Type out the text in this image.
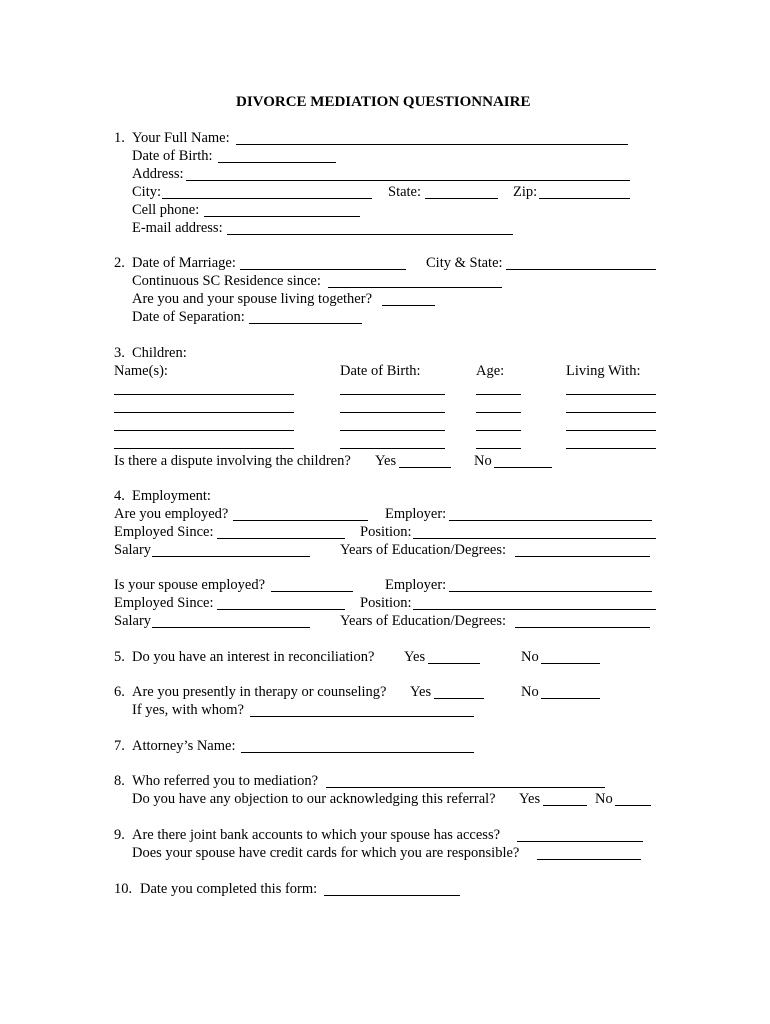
DIVORCE MEDIATION QUESTIONNAIRE
1. Your Full Name:
Date of Birth:
Address:
City:	State:	Zip:
Cell phone:
E-mail address:
2. Date of Marriage:	City & State:
Continuous SC Residence since:
Are you and your spouse living together?
Date of Separation:
3. Children:
Name(s):	Date of Birth:	Age:	Living With:
Is there a dispute involving the children? Yes	No
4. Employment:
Are you employed?	Employer:
Employed Since:	Position:
Salary	Years of Education/Degrees:
Is your spouse employed?	Employer:
Employed Since:	Position:
Salary	Years of Education/Degrees:
5. Do you have an interest in reconciliation? Yes	No
6. Are you presently in therapy or counseling? Yes	No
If yes, with whom?
7. Attorney’s Name:
8. Who referred you to mediation?
Do you have any objection to our acknowledging this referral? Yes	No
9. Are there joint bank accounts to which your spouse has access?
Does your spouse have credit cards for which you are responsible?
10. Date you completed this form:
